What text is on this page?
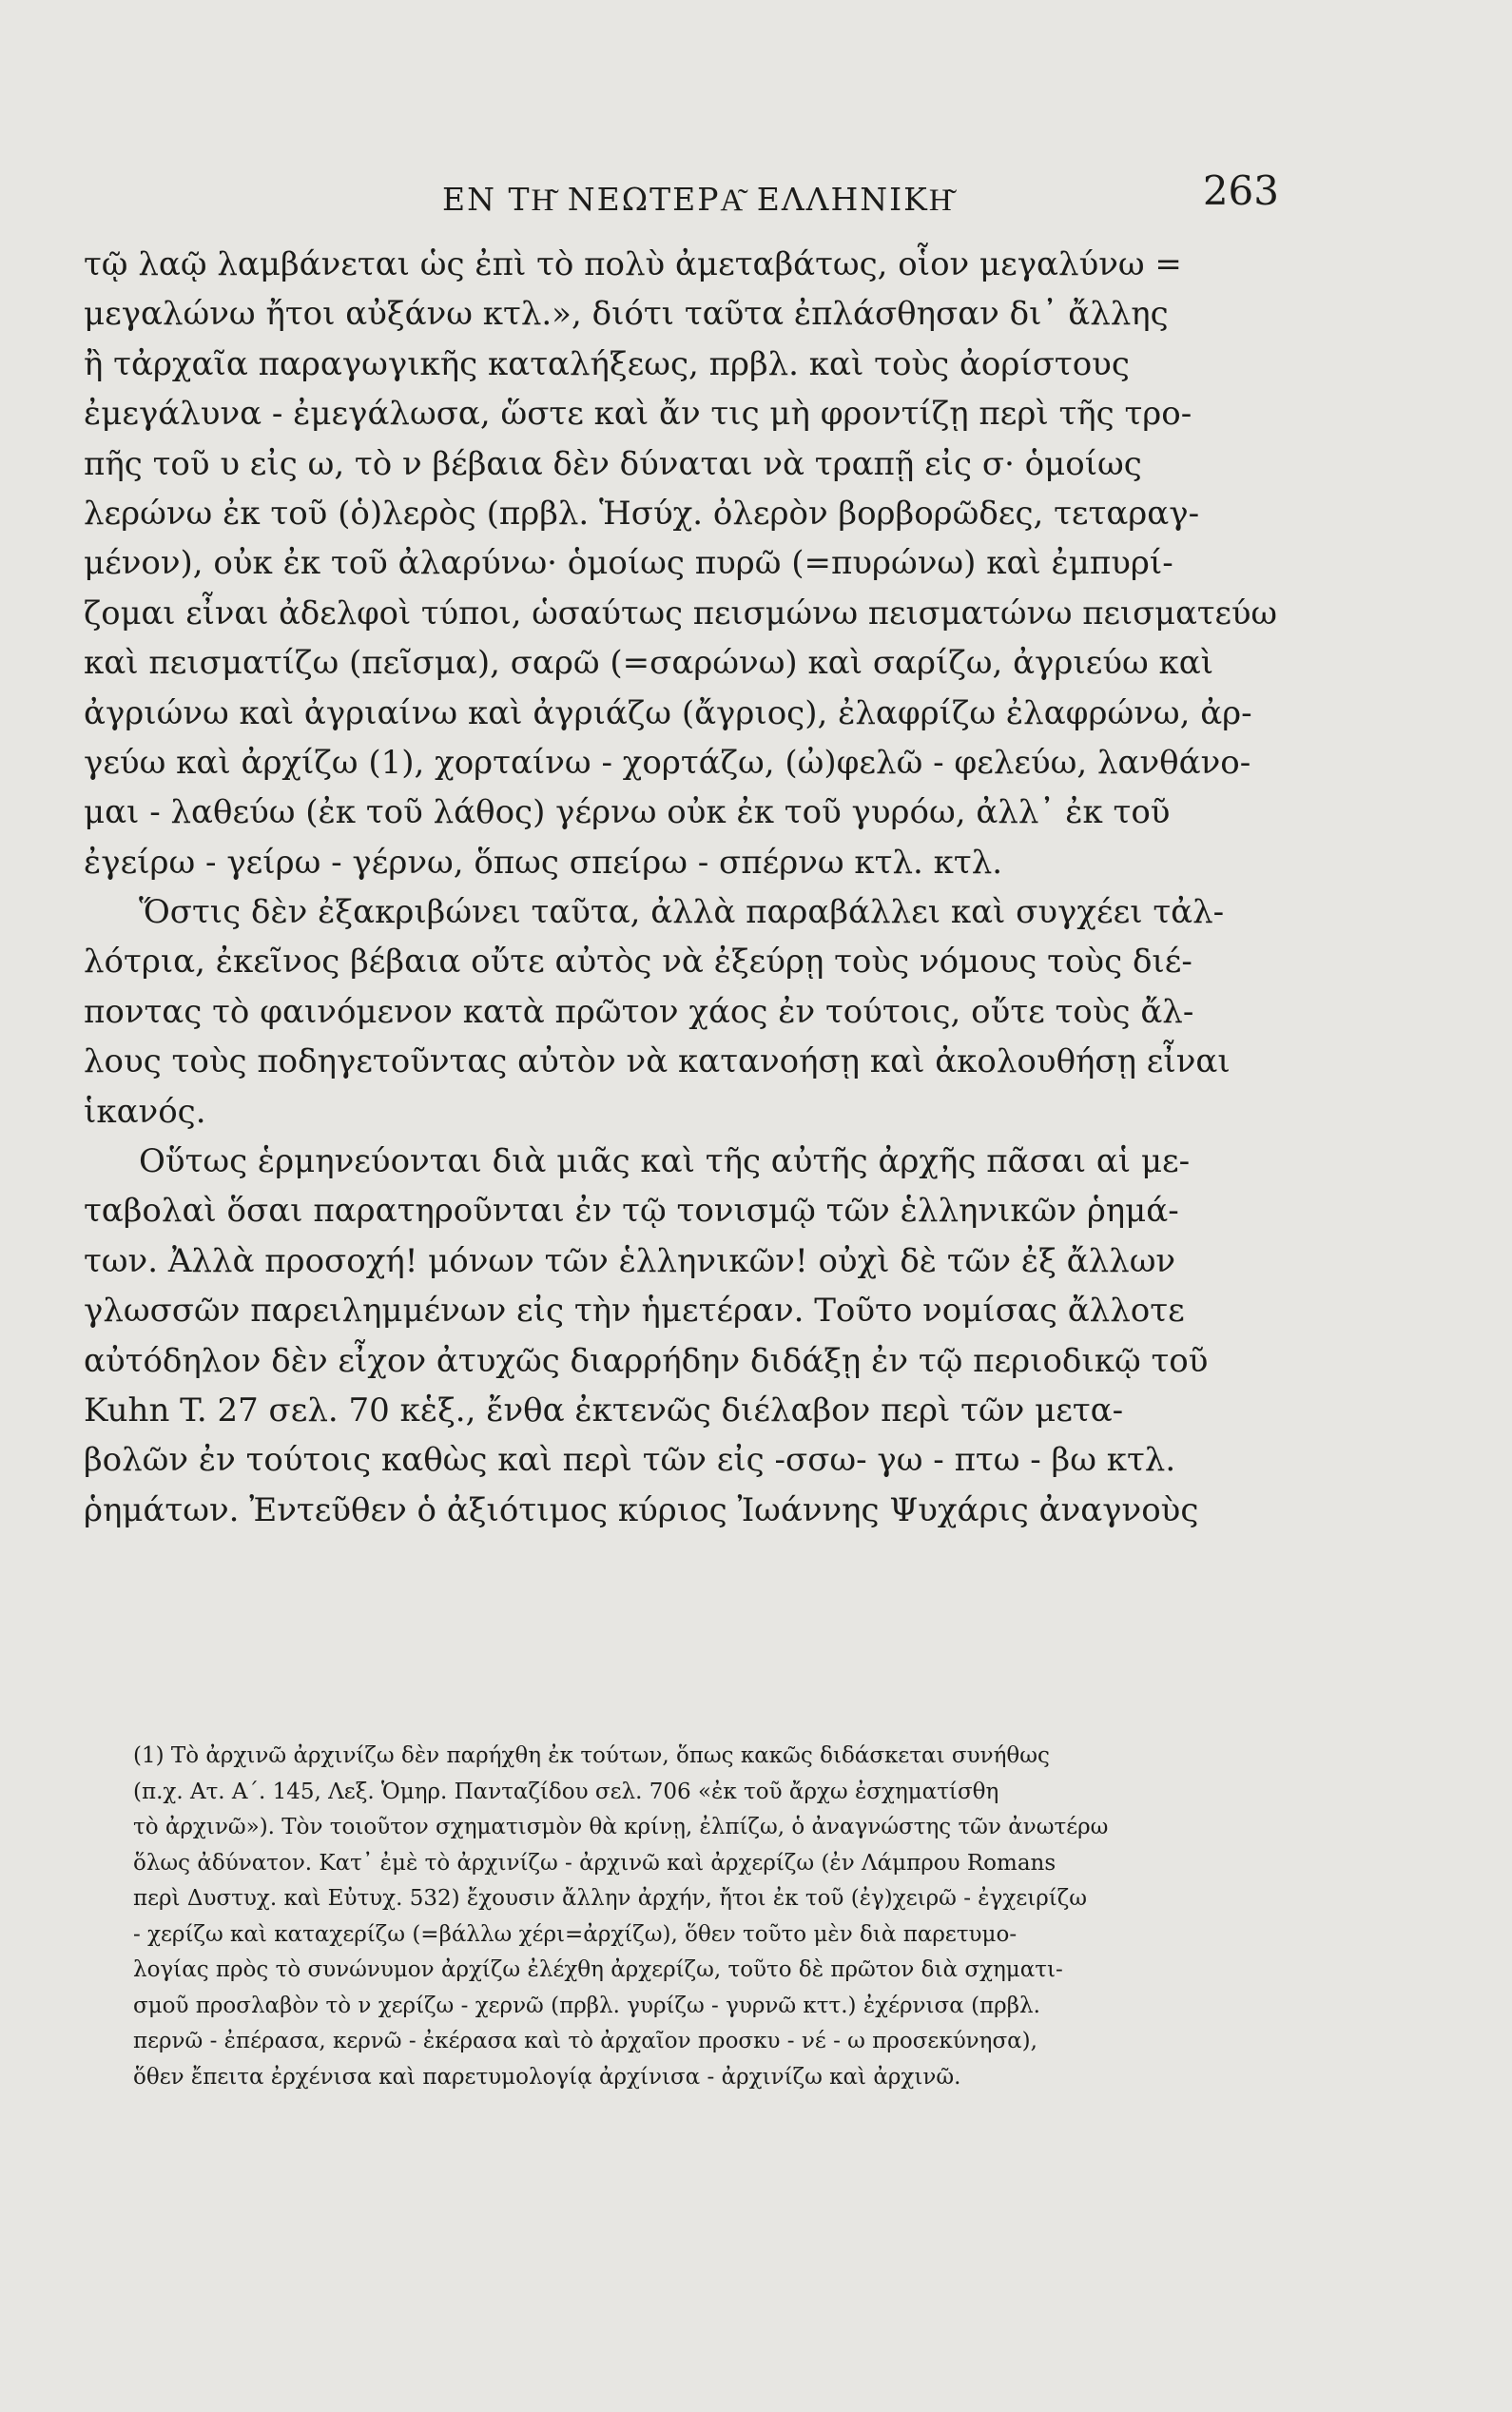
ΕΝ ΤΗ͂ ΝΕΩΤΕΡΑ͂ ΕΛΛΗΝΙΚΗ͂	263
τῷ λαῷ λαμβάνεται ὡς ἐπὶ τὸ πολὺ ἀμεταβάτως, οἷον μεγαλύνω =
μεγαλώνω ἤτοι αὐξάνω κτλ.», διότι ταῦτα ἐπλάσθησαν δι᾽ ἄλλης
ἢ τἀρχαῖα παραγωγικῆς καταλήξεως, πρβλ. καὶ τοὺς ἀορίστους
ἐμεγάλυνα - ἐμεγάλωσα, ὥστε καὶ ἄν τις μὴ φροντίζῃ περὶ τῆς τρο-
πῆς τοῦ υ εἰς ω, τὸ ν βέβαια δὲν δύναται νὰ τραπῇ εἰς σ· ὁμοίως
λερώνω ἐκ τοῦ (ὁ)λερὸς (πρβλ. Ἡσύχ. ὀλερὸν βορβορῶδες, τεταραγ-
μένον), οὐκ ἐκ τοῦ ἀλαρύνω· ὁμοίως πυρῶ (=πυρώνω) καὶ ἐμπυρί-
ζομαι εἶναι ἀδελφοὶ τύποι, ὡσαύτως πεισμώνω πεισματώνω πεισματεύω
καὶ πεισματίζω (πεῖσμα), σαρῶ (=σαρώνω) καὶ σαρίζω, ἀγριεύω καὶ
ἀγριώνω καὶ ἀγριαίνω καὶ ἀγριάζω (ἄγριος), ἐλαφρίζω ἐλαφρώνω, ἀρ-
γεύω καὶ ἀρχίζω (1), χορταίνω - χορτάζω, (ὠ)φελῶ - φελεύω, λανθάνο-
μαι - λαθεύω (ἐκ τοῦ λάθος) γέρνω οὐκ ἐκ τοῦ γυρόω, ἀλλ᾽ ἐκ τοῦ
ἐγείρω - γείρω - γέρνω, ὅπως σπείρω - σπέρνω κτλ. κτλ.
Ὅστις δὲν ἐξακριβώνει ταῦτα, ἀλλὰ παραβάλλει καὶ συγχέει τἀλ-
λότρια, ἐκεῖνος βέβαια οὔτε αὐτὸς νὰ ἐξεύρῃ τοὺς νόμους τοὺς διέ-
ποντας τὸ φαινόμενον κατὰ πρῶτον χάος ἐν τούτοις, οὔτε τοὺς ἄλ-
λους τοὺς ποδηγετοῦντας αὐτὸν νὰ κατανοήσῃ καὶ ἀκολουθήσῃ εἶναι
ἱκανός.
Οὕτως ἑρμηνεύονται διὰ μιᾶς καὶ τῆς αὐτῆς ἀρχῆς πᾶσαι αἱ με-
ταβολαὶ ὅσαι παρατηροῦνται ἐν τῷ τονισμῷ τῶν ἑλληνικῶν ῥημά-
των. Ἀλλὰ προσοχή! μόνων τῶν ἑλληνικῶν! οὐχὶ δὲ τῶν ἐξ ἄλλων
γλωσσῶν παρειλημμένων εἰς τὴν ἡμετέραν. Τοῦτο νομίσας ἄλλοτε
αὐτόδηλον δὲν εἶχον ἀτυχῶς διαρρήδην διδάξῃ ἐν τῷ περιοδικῷ τοῦ
Kuhn T. 27 σελ. 70 κἑξ., ἔνθα ἐκτενῶς διέλαβον περὶ τῶν μετα-
βολῶν ἐν τούτοις καθὼς καὶ περὶ τῶν εἰς -σσω- γω - πτω - βω κτλ.
ῥημάτων. Ἐντεῦθεν ὁ ἀξιότιμος κύριος Ἰωάννης Ψυχάρις ἀναγνοὺς
(1) Τὸ ἀρχινῶ ἀρχινίζω δὲν παρήχθη ἐκ τούτων, ὅπως κακῶς διδάσκεται συνήθως
(π.χ. Ατ. Α΄. 145, Λεξ. Ὁμηρ. Πανταζίδου σελ. 706 «ἐκ τοῦ ἄρχω ἐσχηματίσθη
τὸ ἀρχινῶ»). Τὸν τοιοῦτον σχηματισμὸν θὰ κρίνῃ, ἐλπίζω, ὁ ἀναγνώστης τῶν ἀνωτέρω
ὅλως ἀδύνατον. Κατ᾽ ἐμὲ τὸ ἀρχινίζω - ἀρχινῶ καὶ ἀρχερίζω (ἐν Λάμπρου Romans
περὶ Δυστυχ. καὶ Εὐτυχ. 532) ἔχουσιν ἄλλην ἀρχήν, ἤτοι ἐκ τοῦ (ἐγ)χειρῶ - ἐγχειρίζω
- χερίζω καὶ καταχερίζω (=βάλλω χέρι=ἀρχίζω), ὅθεν τοῦτο μὲν διὰ παρετυμο-
λογίας πρὸς τὸ συνώνυμον ἀρχίζω ἐλέχθη ἀρχερίζω, τοῦτο δὲ πρῶτον διὰ σχηματι-
σμοῦ προσλαβὸν τὸ ν χερίζω - χερνῶ (πρβλ. γυρίζω - γυρνῶ κττ.) ἐχέρνισα (πρβλ.
περνῶ - ἐπέρασα, κερνῶ - ἐκέρασα καὶ τὸ ἀρχαῖον προσκυ - νέ - ω προσεκύνησα),
ὅθεν ἔπειτα ἐρχένισα καὶ παρετυμολογίᾳ ἀρχίνισα - ἀρχινίζω καὶ ἀρχινῶ.
